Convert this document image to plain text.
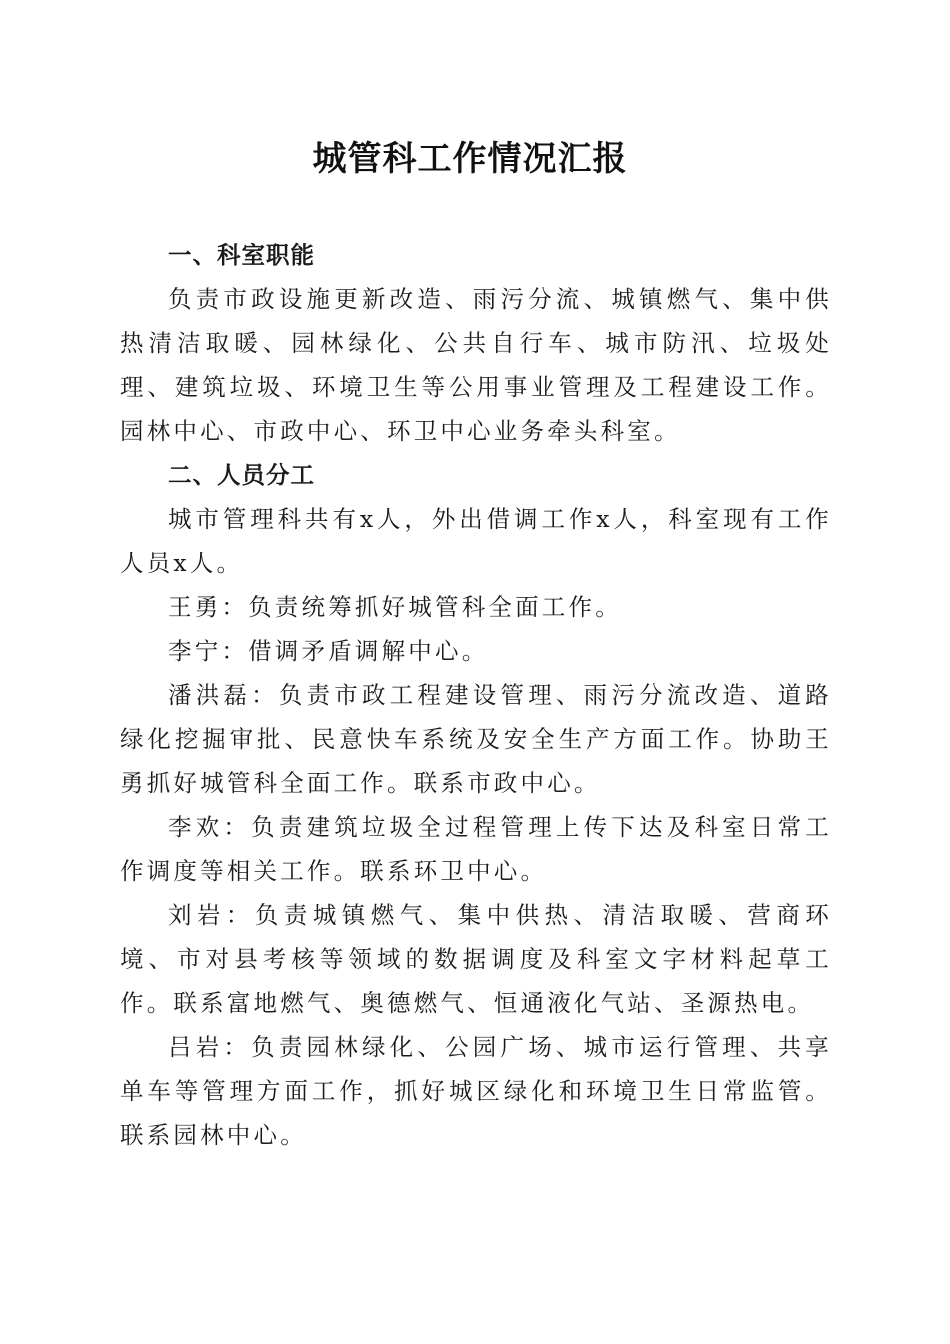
城管科工作情况汇报

一、科室职能

负责市政设施更新改造、雨污分流、城镇燃气、集中供热清洁取暖、园林绿化、公共自行车、城市防汛、垃圾处理、建筑垃圾、环境卫生等公用事业管理及工程建设工作。园林中心、市政中心、环卫中心业务牵头科室。

二、人员分工

城市管理科共有x人，外出借调工作x人，科室现有工作人员x人。

王勇：负责统筹抓好城管科全面工作。

李宁：借调矛盾调解中心。

潘洪磊：负责市政工程建设管理、雨污分流改造、道路绿化挖掘审批、民意快车系统及安全生产方面工作。协助王勇抓好城管科全面工作。联系市政中心。

李欢：负责建筑垃圾全过程管理上传下达及科室日常工作调度等相关工作。联系环卫中心。

刘岩：负责城镇燃气、集中供热、清洁取暖、营商环境、市对县考核等领域的数据调度及科室文字材料起草工作。联系富地燃气、奥德燃气、恒通液化气站、圣源热电。

吕岩：负责园林绿化、公园广场、城市运行管理、共享单车等管理方面工作，抓好城区绿化和环境卫生日常监管。联系园林中心。
